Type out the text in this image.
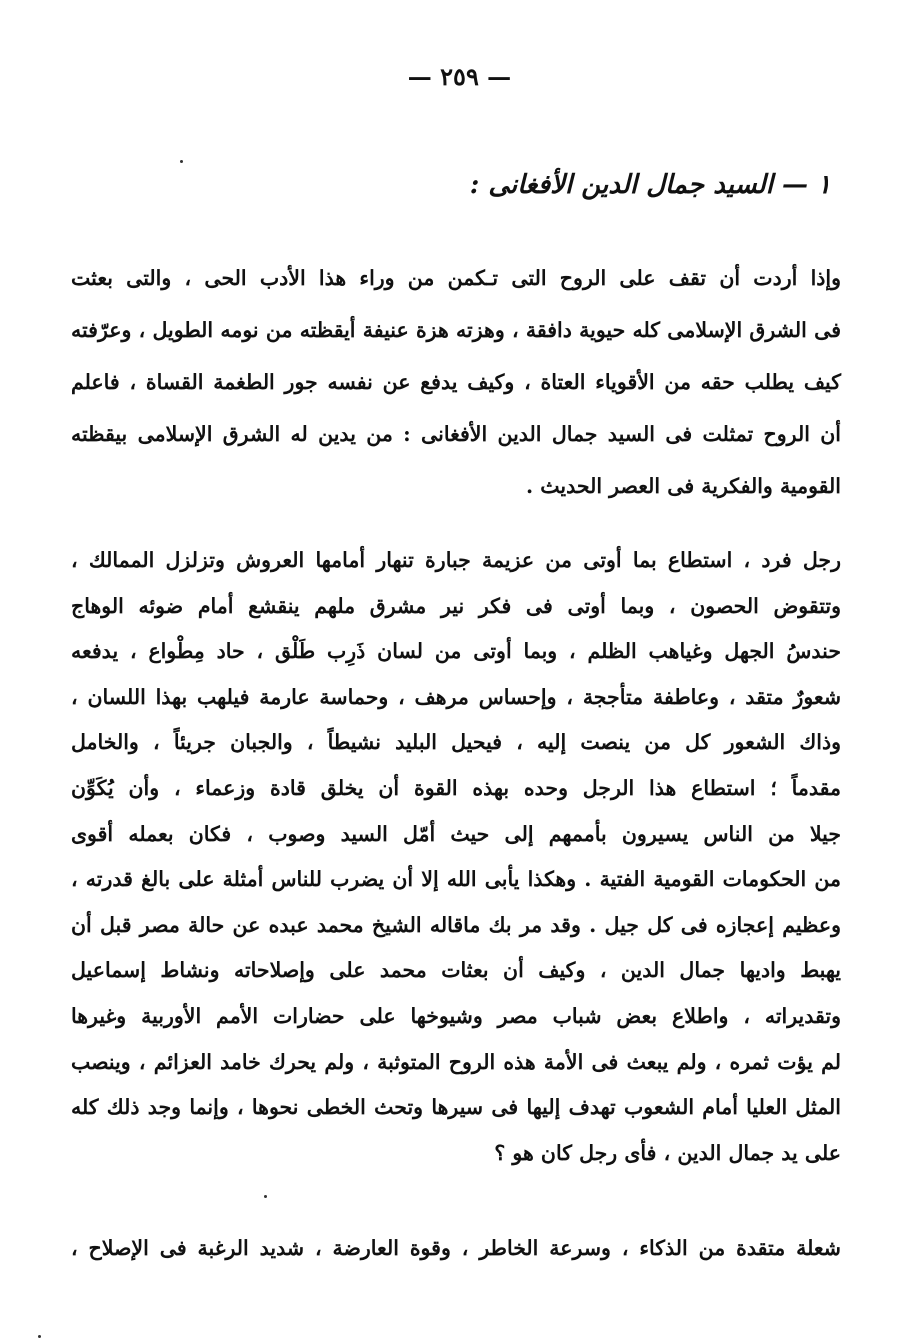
— ٢٥٩ —
١ — السيد جمال الدين الأفغانى :
وإذا أردت أن تقف على الروح التى تـكمن من وراء هذا الأدب الحى ، والتى بعثت
فى الشرق الإسلامى كله حيوية دافقة ، وهزته هزة عنيفة أيقظته من نومه الطويل ، وعرّفته
كيف يطلب حقه من الأقوياء العتاة ، وكيف يدفع عن نفسه جور الطغمة القساة ، فاعلم
أن الروح تمثلت فى السيد جمال الدين الأفغانى : من يدين له الشرق الإسلامى بيقظته
القومية والفكرية فى العصر الحديث .
رجل فرد ، استطاع بما أوتى من عزيمة جبارة تنهار أمامها العروش وتزلزل الممالك ،
وتتقوض الحصون ، وبما أوتى فى فكر نير مشرق ملهم ينقشع أمام ضوئه الوهاج
حندسُ الجهل وغياهب الظلم ، وبما أوتى من لسان ذَرِب طَلْق ، حاد مِطْواع ، يدفعه
شعورٌ متقد ، وعاطفة متأججة ، وإحساس مرهف ، وحماسة عارمة فيلهب بهذا اللسان ،
وذاك الشعور كل من ينصت إليه ، فيحيل البليد نشيطاً ، والجبان جريئاً ، والخامل
مقدماً ؛ استطاع هذا الرجل وحده بهذه القوة أن يخلق قادة وزعماء ، وأن يُكَوِّن
جيلا من الناس يسيرون بأممهم إلى حيث أمّل السيد وصوب ، فكان بعمله أقوى
من الحكومات القومية الفتية . وهكذا يأبى الله إلا أن يضرب للناس أمثلة على بالغ قدرته ،
وعظيم إعجازه فى كل جيل . وقد مر بك ماقاله الشيخ محمد عبده عن حالة مصر قبل أن
يهبط واديها جمال الدين ، وكيف أن بعثات محمد على وإصلاحاته ونشاط إسماعيل
وتقديراته ، واطلاع بعض شباب مصر وشيوخها على حضارات الأمم الأوربية وغيرها
لم يؤت ثمره ، ولم يبعث فى الأمة هذه الروح المتوثبة ، ولم يحرك خامد العزائم ، وينصب
المثل العليا أمام الشعوب تهدف إليها فى سيرها وتحث الخطى نحوها ، وإنما وجد ذلك كله
على يد جمال الدين ، فأى رجل كان هو ؟
شعلة متقدة من الذكاء ، وسرعة الخاطر ، وقوة العارضة ، شديد الرغبة فى الإصلاح ،
